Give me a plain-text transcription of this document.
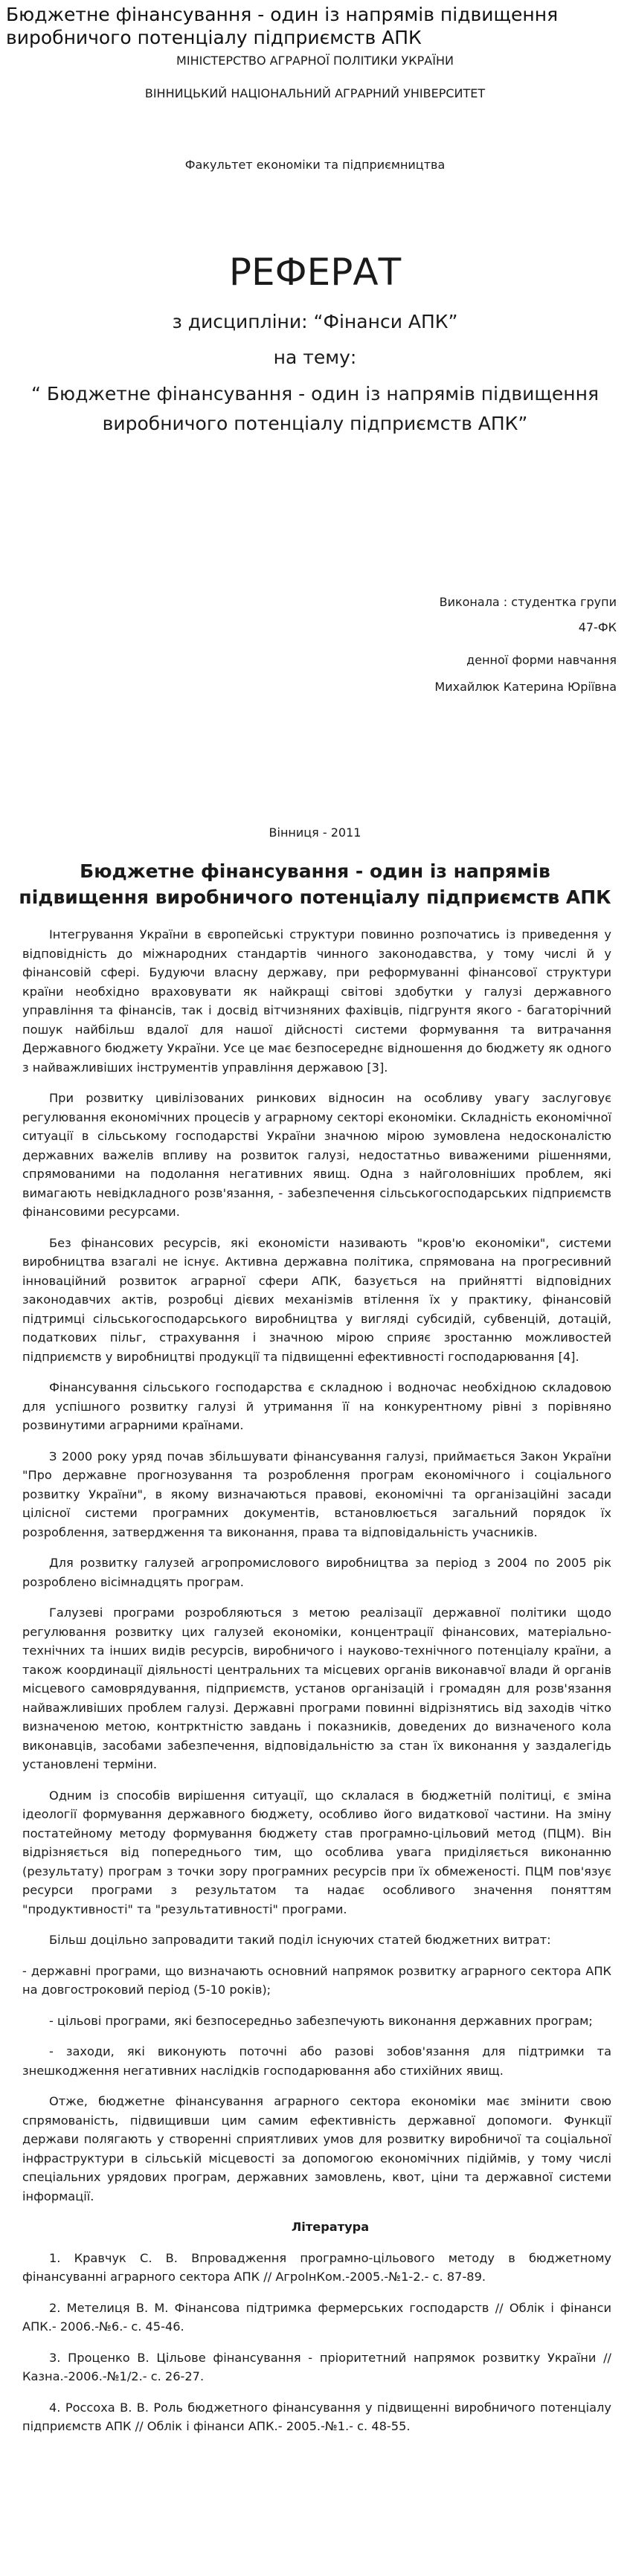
Бюджетне фінансування - один із напрямів підвищення виробничого потенціалу підприємств АПК
МІНІСТЕРСТВО АГРАРНОЇ ПОЛІТИКИ УКРАЇНИ
ВІННИЦЬКИЙ НАЦІОНАЛЬНИЙ АГРАРНИЙ УНІВЕРСИТЕТ
Факультет економіки та підприємництва
РЕФЕРАТ
з дисципліни: “Фінанси АПК”
на тему:
“ Бюджетне фінансування - один із напрямів підвищення виробничого потенціалу підприємств АПК”
Виконала : студентка групи
47-ФК
денної форми навчання
Михайлюк Катерина Юріївна
Вінниця - 2011
Бюджетне фінансування - один із напрямів підвищення виробничого потенціалу підприємств АПК

Інтегрування України в європейські структури повинно розпочатись із приведення у відповідність до міжнародних стандартів чинного законодавства, у тому числі й у фінансовій сфері. Будуючи власну державу, при реформуванні фінансової структури країни необхідно враховувати як найкращі світові здобутки у галузі державного управління та фінансів, так і досвід вітчизняних фахівців, підгрунтя якого - багаторічний пошук найбільш вдалої для нашої дійсності системи формування та витрачання Державного бюджету України. Усе це має безпосереднє відношення до бюджету як одного з найважливіших інструментів управління державою [3].

При розвитку цивілізованих ринкових відносин на особливу увагу заслуговує регулювання економічних процесів у аграрному секторі економіки. Складність економічної ситуації в сільському господарстві України значною мірою зумовлена недосконалістю державних важелів впливу на розвиток галузі, недостатньо виваженими рішеннями, спрямованими на подолання негативних явищ. Одна з найголовніших проблем, які вимагають невідкладного розв'язання, - забезпечення сільськогосподарських підприємств фінансовими ресурсами.

Без фінансових ресурсів, які економісти називають "кров'ю економіки", системи виробництва взагалі не існує. Активна державна політика, спрямована на прогресивний інноваційний розвиток аграрної сфери АПК, базується на прийнятті відповідних законодавчих актів, розробці дієвих механізмів втілення їх у практику, фінансовій підтримці сільськогосподарського виробництва у вигляді субсидій, субвенцій, дотацій, податкових пільг, страхування і значною мірою сприяє зростанню можливостей підприємств у виробництві продукції та підвищенні ефективності господарювання [4].

Фінансування сільського господарства є складною і водночас необхідною складовою для успішного розвитку галузі й утримання її на конкурентному рівні з порівняно розвинутими аграрними країнами.

З 2000 року уряд почав збільшувати фінансування галузі, приймається Закон України "Про державне прогнозування та розроблення програм економічного і соціального розвитку України", в якому визначаються правові, економічні та організаційні засади цілісної системи програмних документів, встановлюється загальний порядок їх розроблення, затвердження та виконання, права та відповідальність учасників.

Для розвитку галузей агропромислового виробництва за період з 2004 по 2005 рік розроблено вісімнадцять програм.

Галузеві програми розробляються з метою реалізації державної політики щодо регулювання розвитку цих галузей економіки, концентрації фінансових, матеріально-технічних та інших видів ресурсів, виробничого і науково-технічного потенціалу країни, а також координації діяльності центральних та місцевих органів виконавчої влади й органів місцевого самоврядування, підприємств, установ організацій і громадян для розв'язання найважливіших проблем галузі. Державні програми повинні відрізнятись від заходів чітко визначеною метою, контрктністю завдань і показників, доведених до визначеного кола виконавців, засобами забезпечення, відповідальністю за стан їх виконання у заздалегідь установлені терміни.

Одним із способів вирішення ситуації, що склалася в бюджетній політиці, є зміна ідеології формування державного бюджету, особливо його видаткової частини. На зміну постатейному методу формування бюджету став програмно-цільовий метод (ПЦМ). Він відрізняється від попереднього тим, що особлива увага приділяється виконанню (результату) програм з точки зору програмних ресурсів при їх обмеженості. ПЦМ пов'язує ресурси програми з результатом та надає особливого значення поняттям "продуктивності" та "результативності" програми.

Більш доцільно запровадити такий поділ існуючих статей бюджетних витрат:

- державні програми, що визначають основний напрямок розвитку аграрного сектора АПК на довгостроковий період (5-10 років);

- цільові програми, які безпосередньо забезпечують виконання державних програм;

- заходи, які виконують поточні або разові зобов'язання для підтримки та знешкодження негативних наслідків господарювання або стихійних явищ.

Отже, бюджетне фінансування аграрного сектора економіки має змінити свою спрямованість, підвищивши цим самим ефективність державної допомоги. Функції держави полягають у створенні сприятливих умов для розвитку виробничої та соціальної інфраструктури в сільській місцевості за допомогою економічних підіймів, у тому числі спеціальних урядових програм, державних замовлень, квот, ціни та державної системи інформації.

Література

1. Кравчук С. В. Впровадження програмно-цільового методу в бюджетному фінансуванні аграрного сектора АПК // АгроІнКом.-2005.-№1-2.- с. 87-89.

2. Метелиця В. М. Фінансова підтримка фермерських господарств // Облік і фінанси АПК.- 2006.-№6.- с. 45-46.

3. Проценко В. Цільове фінансування - пріоритетний напрямок розвитку України // Казна.-2006.-№1/2.- с. 26-27.

4. Россоха В. В. Роль бюджетного фінансування у підвищенні виробничого потенціалу підприємств АПК // Облік і фінанси АПК.- 2005.-№1.- с. 48-55.
